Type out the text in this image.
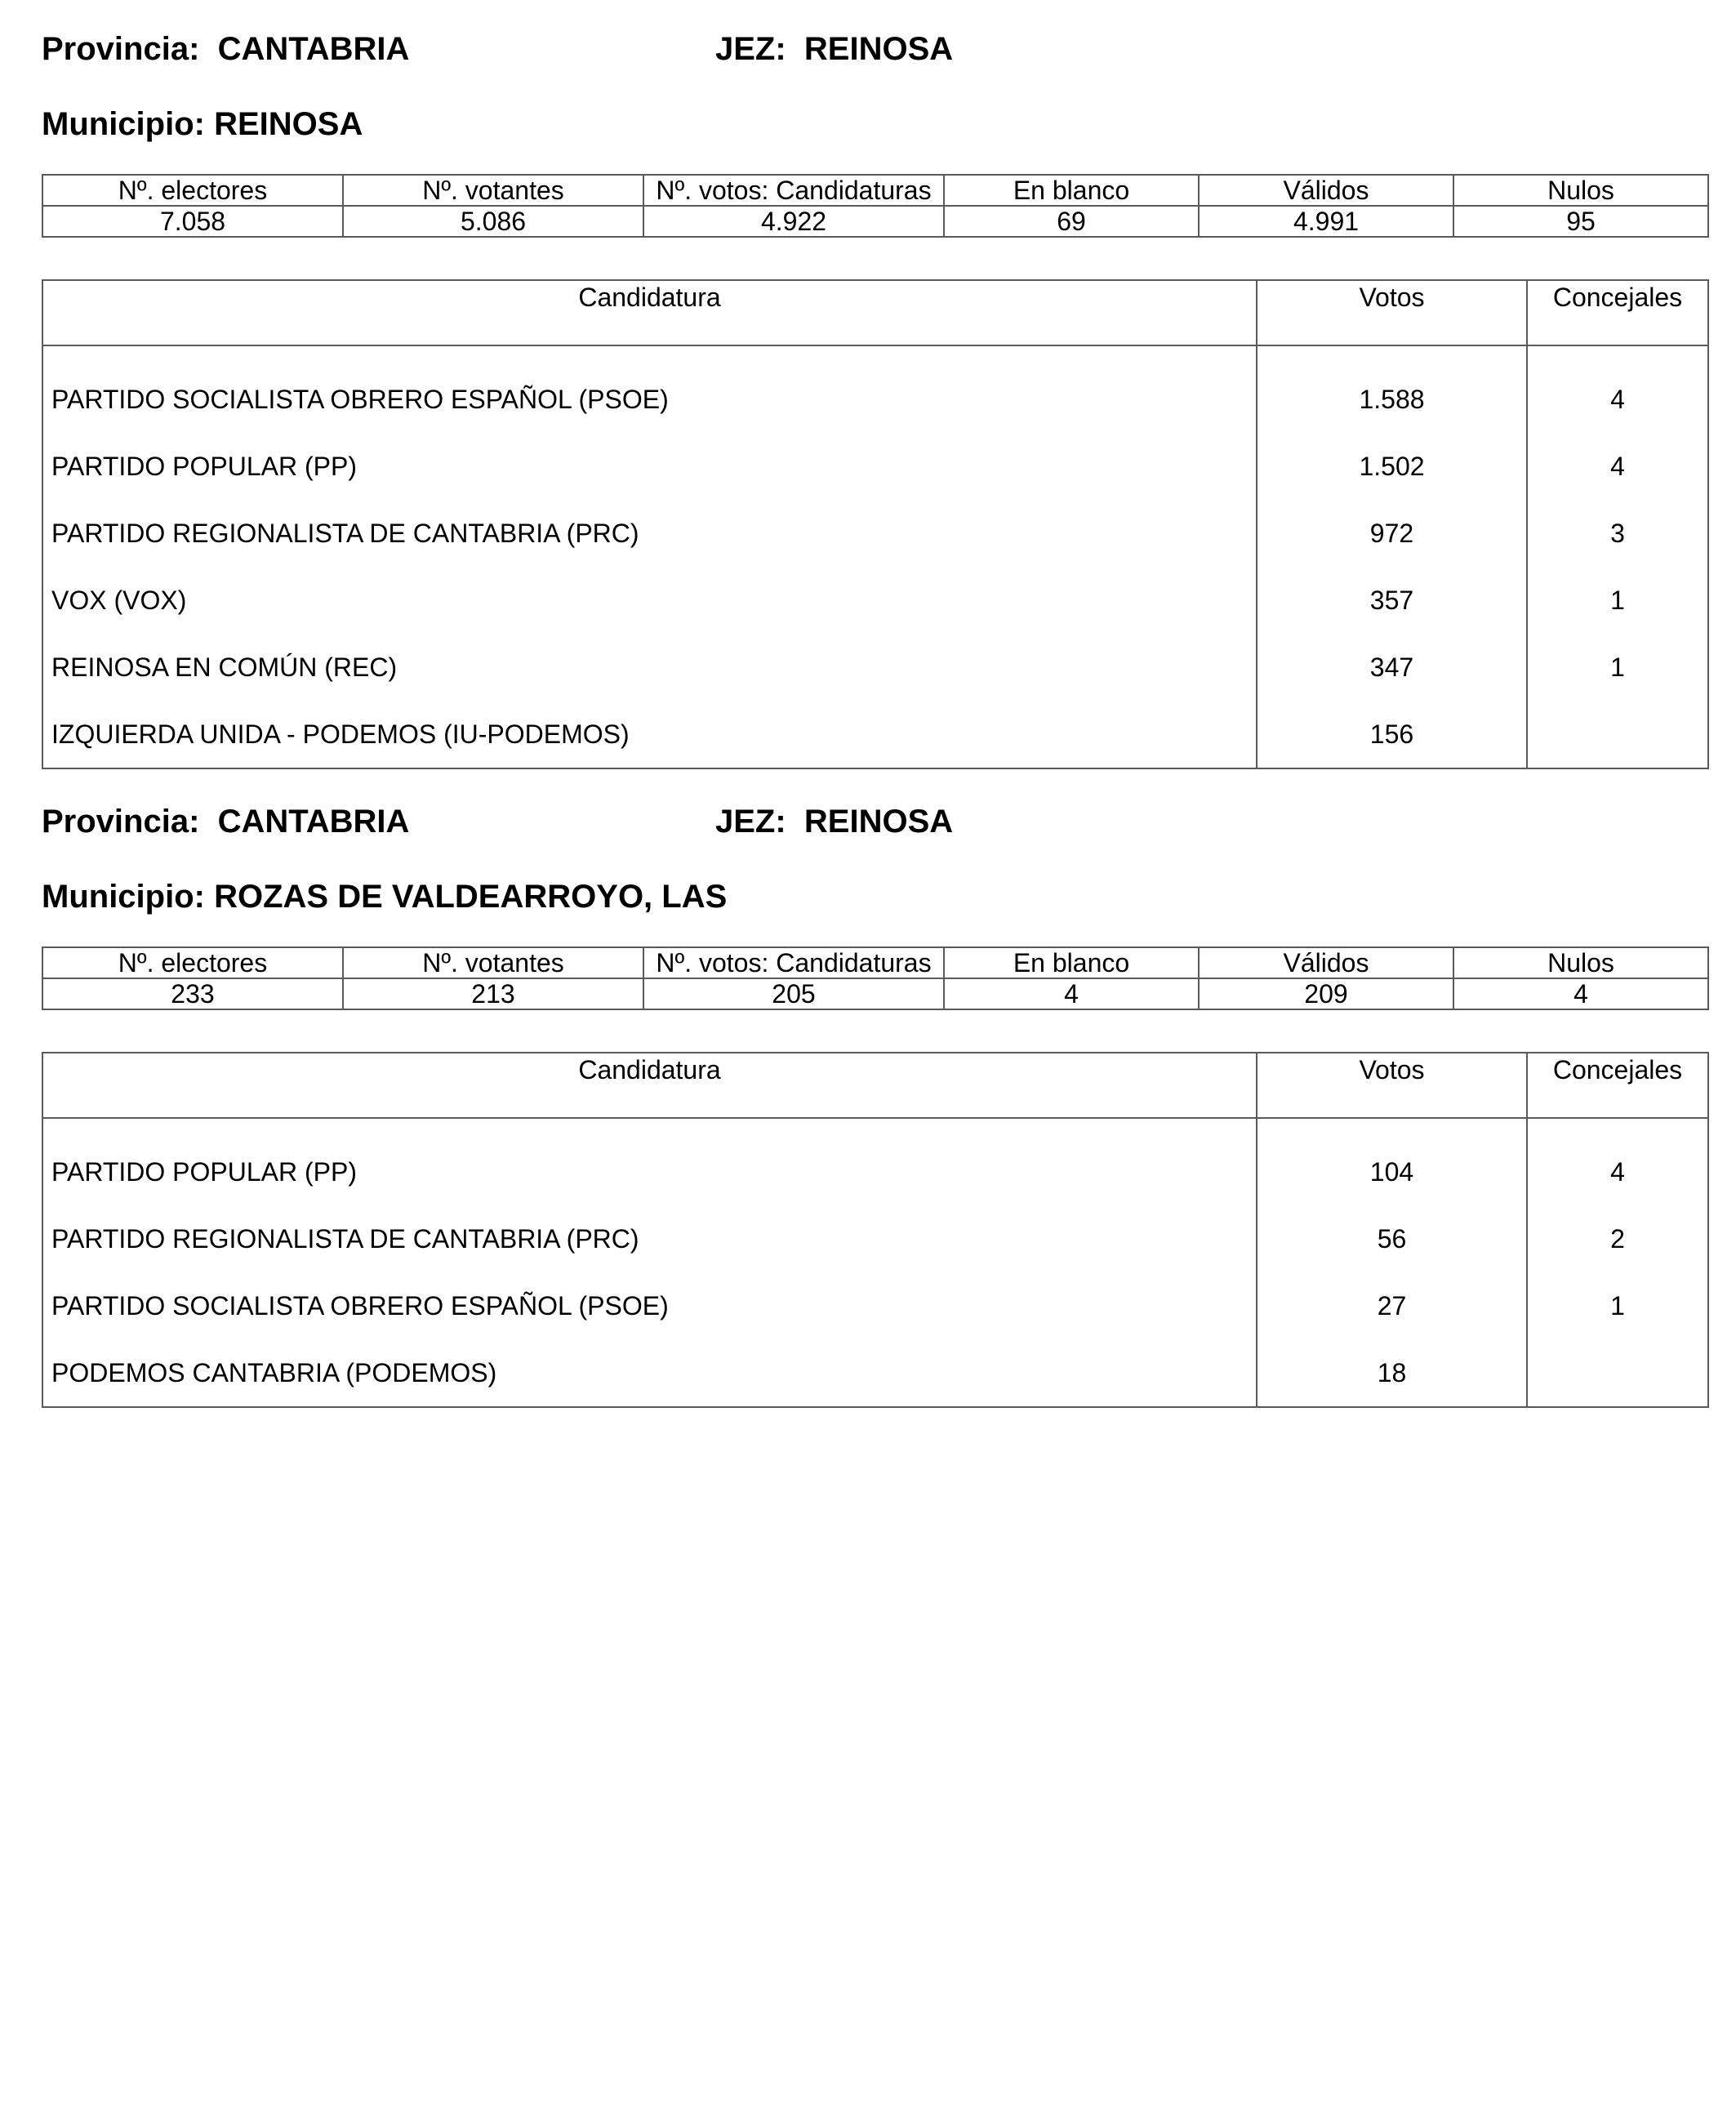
Provincia: CANTABRIA	JEZ: REINOSA
Municipio: REINOSA
Nº. electores	Nº. votantes	Nº. votos: Candidaturas	En blanco	Válidos	Nulos
7.058	5.086	4.922	69	4.991	95
Candidatura	Votos	Concejales
PARTIDO SOCIALISTA OBRERO ESPAÑOL (PSOE)	1.588	4
PARTIDO POPULAR (PP)	1.502	4
PARTIDO REGIONALISTA DE CANTABRIA (PRC)	972	3
VOX (VOX)	357	1
REINOSA EN COMÚN (REC)	347	1
IZQUIERDA UNIDA - PODEMOS (IU-PODEMOS)	156	
Provincia: CANTABRIA	JEZ: REINOSA
Municipio: ROZAS DE VALDEARROYO, LAS
Nº. electores	Nº. votantes	Nº. votos: Candidaturas	En blanco	Válidos	Nulos
233	213	205	4	209	4
Candidatura	Votos	Concejales
PARTIDO POPULAR (PP)	104	4
PARTIDO REGIONALISTA DE CANTABRIA (PRC)	56	2
PARTIDO SOCIALISTA OBRERO ESPAÑOL (PSOE)	27	1
PODEMOS CANTABRIA (PODEMOS)	18	
